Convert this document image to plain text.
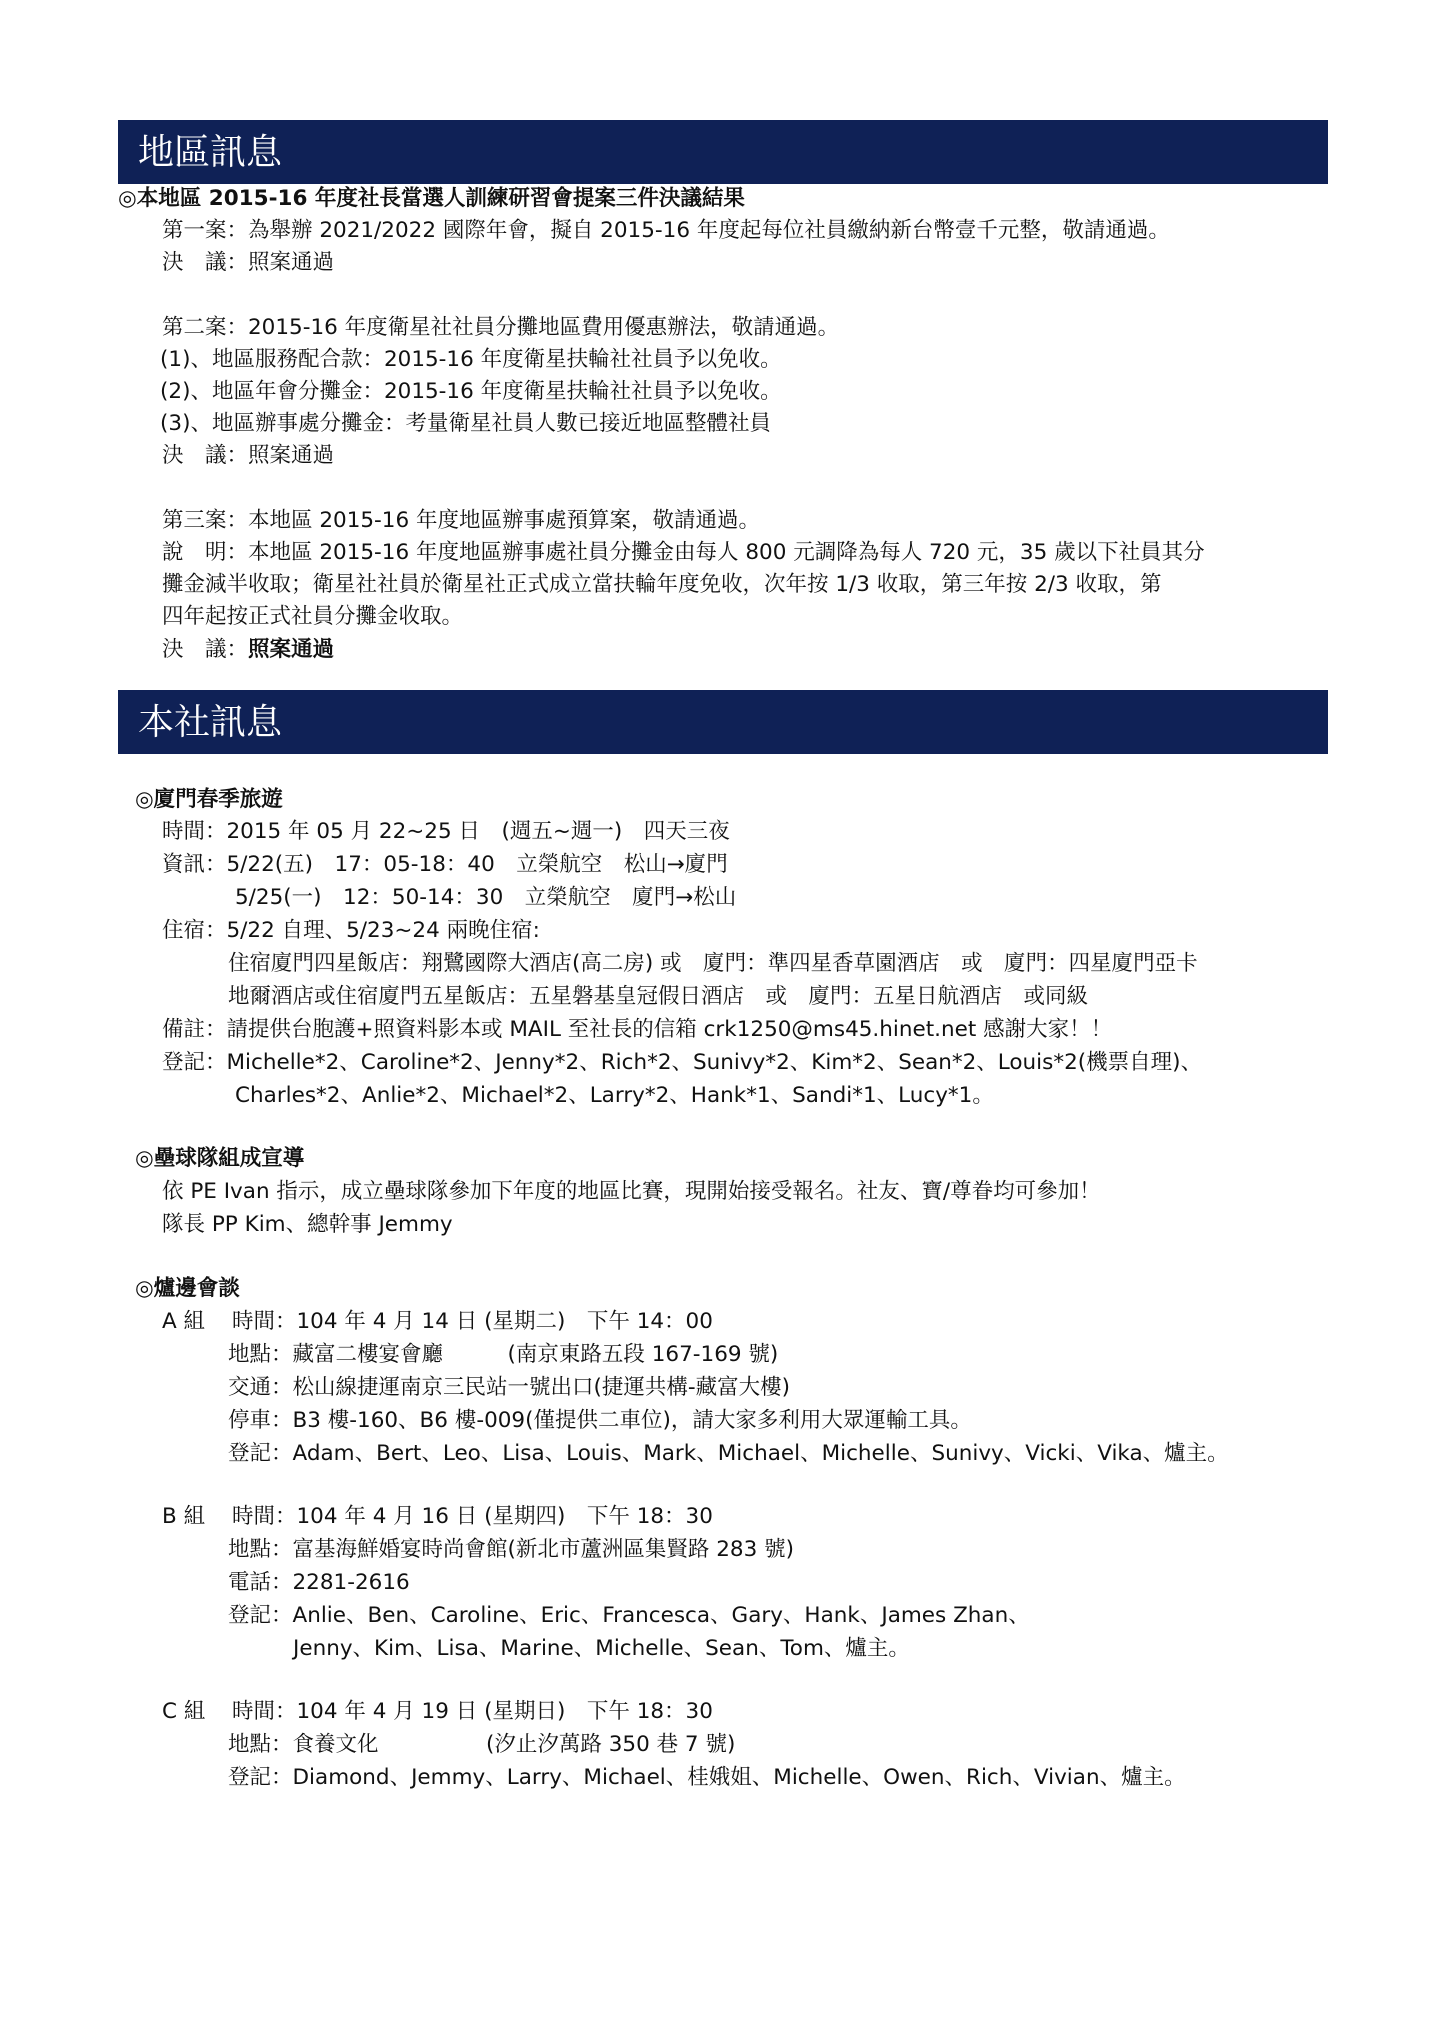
地區訊息
◎本地區 2015-16 年度社長當選人訓練研習會提案三件決議結果
第一案：為舉辦 2021/2022 國際年會，擬自 2015-16 年度起每位社員繳納新台幣壹千元整，敬請通過。
決　議：照案通過
第二案：2015-16 年度衛星社社員分攤地區費用優惠辦法，敬請通過。
(1)、地區服務配合款：2015-16 年度衛星扶輪社社員予以免收。
(2)、地區年會分攤金：2015-16 年度衛星扶輪社社員予以免收。
(3)、地區辦事處分攤金：考量衛星社員人數已接近地區整體社員
決　議：照案通過
第三案：本地區 2015-16 年度地區辦事處預算案，敬請通過。
說　明：本地區 2015-16 年度地區辦事處社員分攤金由每人 800 元調降為每人 720 元，35 歲以下社員其分
攤金減半收取；衛星社社員於衛星社正式成立當扶輪年度免收，次年按 1/3 收取，第三年按 2/3 收取，第
四年起按正式社員分攤金收取。
決　議：照案通過
本社訊息
◎廈門春季旅遊
時間：2015 年 05 月 22~25 日　(週五~週一)　四天三夜
資訊：5/22(五)　17：05-18：40　立榮航空　松山→廈門
5/25(一)　12：50-14：30　立榮航空　廈門→松山
住宿：5/22 自理、5/23~24 兩晚住宿:
住宿廈門四星飯店：翔鷺國際大酒店(高二房) 或　廈門：準四星香草園酒店　或　廈門：四星廈門亞卡
地爾酒店或住宿廈門五星飯店：五星磐基皇冠假日酒店　或　廈門：五星日航酒店　或同級
備註：請提供台胞護+照資料影本或 MAIL 至社長的信箱 crk1250@ms45.hinet.net 感謝大家！！
登記：Michelle*2、Caroline*2、Jenny*2、Rich*2、Sunivy*2、Kim*2、Sean*2、Louis*2(機票自理)、
Charles*2、Anlie*2、Michael*2、Larry*2、Hank*1、Sandi*1、Lucy*1。
◎壘球隊組成宣導
依 PE Ivan 指示，成立壘球隊參加下年度的地區比賽，現開始接受報名。社友、寶/尊眷均可參加！
隊長 PP Kim、總幹事 Jemmy
◎爐邊會談
A 組 時間：104 年 4 月 14 日 (星期二)　下午 14：00
地點：藏富二樓宴會廳　　　(南京東路五段 167-169 號)
交通：松山線捷運南京三民站一號出口(捷運共構-藏富大樓)
停車：B3 樓-160、B6 樓-009(僅提供二車位)，請大家多利用大眾運輸工具。
登記：Adam、Bert、Leo、Lisa、Louis、Mark、Michael、Michelle、Sunivy、Vicki、Vika、爐主。
B 組 時間：104 年 4 月 16 日 (星期四)　下午 18：30
地點：富基海鮮婚宴時尚會館(新北市蘆洲區集賢路 283 號)
電話：2281-2616
登記：Anlie、Ben、Caroline、Eric、Francesca、Gary、Hank、James Zhan、
Jenny、Kim、Lisa、Marine、Michelle、Sean、Tom、爐主。
C 組 時間：104 年 4 月 19 日 (星期日)　下午 18：30
地點：食養文化　　　　　(汐止汐萬路 350 巷 7 號)
登記：Diamond、Jemmy、Larry、Michael、桂娥姐、Michelle、Owen、Rich、Vivian、爐主。
